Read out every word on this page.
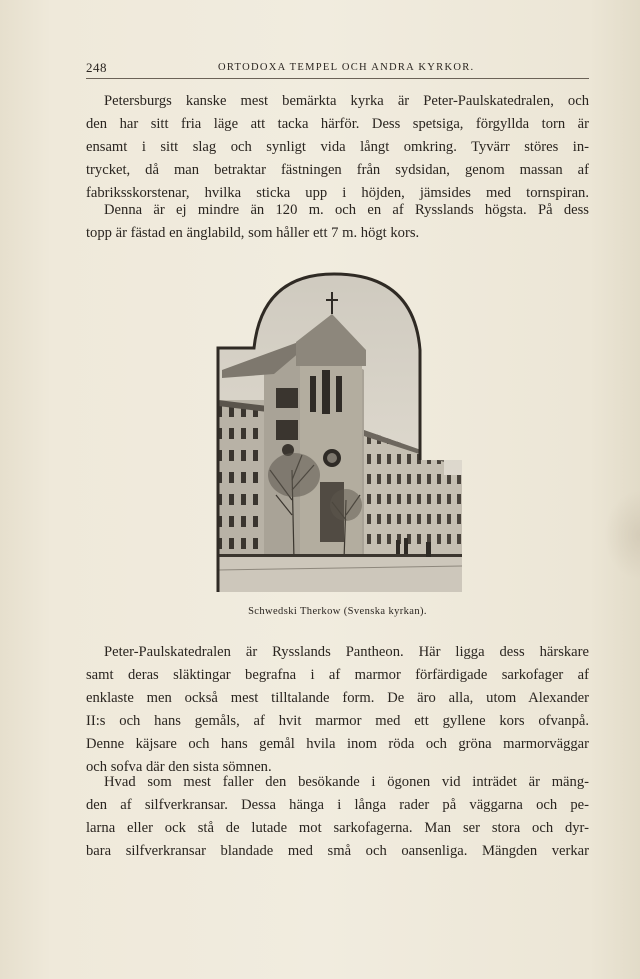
248	ORTODOXA TEMPEL OCH ANDRA KYRKOR.

Petersburgs kanske mest bemärkta kyrka är Peter-Paulskatedralen, och
den har sitt fria läge att tacka härför. Dess spetsiga, förgyllda torn är
ensamt i sitt slag och synligt vida långt omkring. Tyvärr störes in-
trycket, då man betraktar fästningen från sydsidan, genom massan af
fabriksskorstenar, hvilka sticka upp i höjden, jämsides med tornspiran.

Denna är ej mindre än 120 m. och en af Rysslands högsta. På dess
topp är fästad en änglabild, som håller ett 7 m. högt kors.

Schwedski Therkow (Svenska kyrkan).

Peter-Paulskatedralen är Rysslands Pantheon. Här ligga dess härskare
samt deras släktingar begrafna i af marmor förfärdigade sarkofager af
enklaste men också mest tilltalande form. De äro alla, utom Alexander
II:s och hans gemåls, af hvit marmor med ett gyllene kors ofvanpå.
Denne käjsare och hans gemål hvila inom röda och gröna marmorväggar
och sofva där den sista sömnen.

Hvad som mest faller den besökande i ögonen vid inträdet är mäng-
den af silfverkransar. Dessa hänga i långa rader på väggarna och pe-
larna eller ock stå de lutade mot sarkofagerna. Man ser stora och dyr-
bara silfverkransar blandade med små och oansenliga. Mängden verkar
